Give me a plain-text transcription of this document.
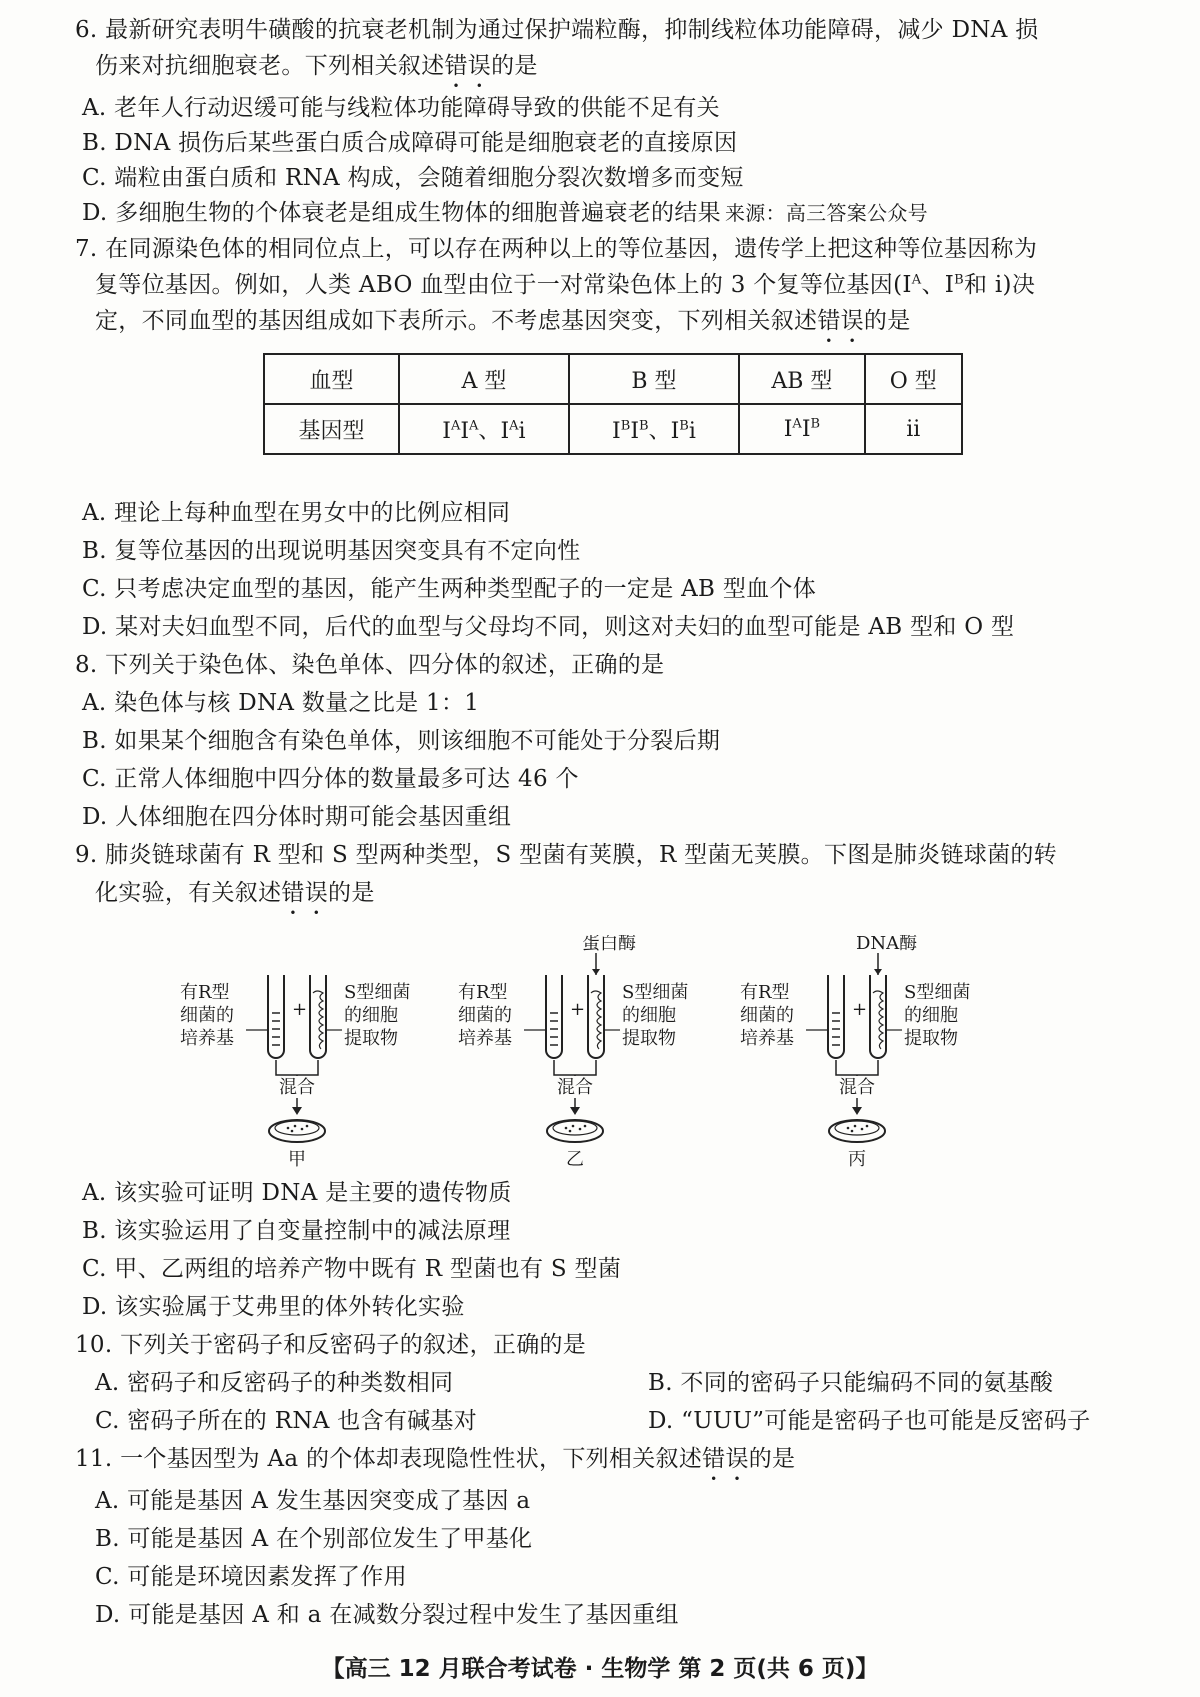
6. 最新研究表明牛磺酸的抗衰老机制为通过保护端粒酶，抑制线粒体功能障碍，减少 DNA 损
伤来对抗细胞衰老。下列相关叙述错误的是
A. 老年人行动迟缓可能与线粒体功能障碍导致的供能不足有关
B. DNA 损伤后某些蛋白质合成障碍可能是细胞衰老的直接原因
C. 端粒由蛋白质和 RNA 构成，会随着细胞分裂次数增多而变短
D. 多细胞生物的个体衰老是组成生物体的细胞普遍衰老的结果 来源：高三答案公众号
7. 在同源染色体的相同位点上，可以存在两种以上的等位基因，遗传学上把这种等位基因称为
复等位基因。例如，人类 ABO 血型由位于一对常染色体上的 3 个复等位基因($I^A$、$I^B$和 i)决
定，不同血型的基因组成如下表所示。不考虑基因突变，下列相关叙述错误的是
血型	A 型	B 型	AB 型	O 型
基因型	$I^AI^A$、$I^Ai$	$I^BI^B$、$I^Bi$	$I^AI^B$	ii
A. 理论上每种血型在男女中的比例应相同
B. 复等位基因的出现说明基因突变具有不定向性
C. 只考虑决定血型的基因，能产生两种类型配子的一定是 AB 型血个体
D. 某对夫妇血型不同，后代的血型与父母均不同，则这对夫妇的血型可能是 AB 型和 O 型
8. 下列关于染色体、染色单体、四分体的叙述，正确的是
A. 染色体与核 DNA 数量之比是 1：1
B. 如果某个细胞含有染色单体，则该细胞不可能处于分裂后期
C. 正常人体细胞中四分体的数量最多可达 46 个
D. 人体细胞在四分体时期可能会基因重组
9. 肺炎链球菌有 R 型和 S 型两种类型，S 型菌有荚膜，R 型菌无荚膜。下图是肺炎链球菌的转
化实验，有关叙述错误的是
有R型
细菌的
培养基
+
S型细菌
的细胞
提取物
混合
甲
蛋白酶
有R型
细菌的
培养基
+
S型细菌
的细胞
提取物
混合
乙
DNA酶
有R型
细菌的
培养基
+
S型细菌
的细胞
提取物
混合
丙
A. 该实验可证明 DNA 是主要的遗传物质
B. 该实验运用了自变量控制中的减法原理
C. 甲、乙两组的培养产物中既有 R 型菌也有 S 型菌
D. 该实验属于艾弗里的体外转化实验
10. 下列关于密码子和反密码子的叙述，正确的是
A. 密码子和反密码子的种类数相同	B. 不同的密码子只能编码不同的氨基酸
C. 密码子所在的 RNA 也含有碱基对	D. “UUU”可能是密码子也可能是反密码子
11. 一个基因型为 Aa 的个体却表现隐性性状，下列相关叙述错误的是
A. 可能是基因 A 发生基因突变成了基因 a
B. 可能是基因 A 在个别部位发生了甲基化
C. 可能是环境因素发挥了作用
D. 可能是基因 A 和 a 在减数分裂过程中发生了基因重组
【高三 12 月联合考试卷 · 生物学 第 2 页(共 6 页)】
